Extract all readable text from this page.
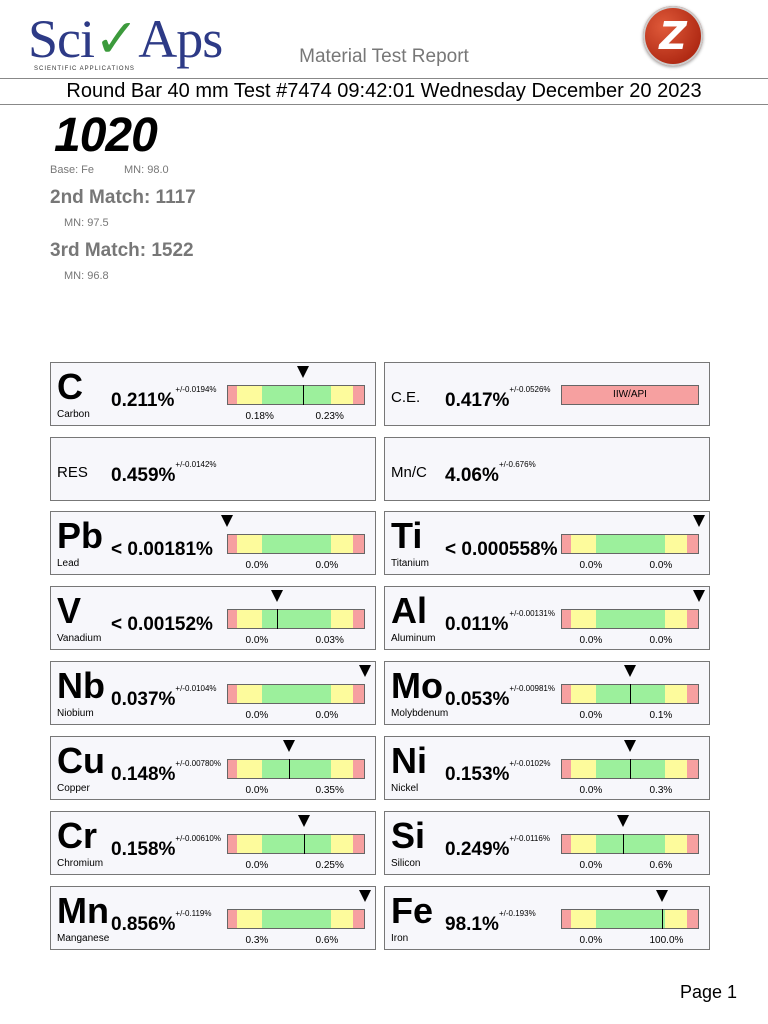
Sci✓Aps
SCIENTIFIC APPLICATIONS
Material Test Report	Z
Round Bar 40 mm Test #7474 09:42:01 Wednesday December 20 2023
1020
Base: Fe	MN: 98.0
2nd Match: 1117
MN: 97.5
3rd Match: 1522
MN: 96.8
C
Carbon
0.211%
+/-0.0194%
0.18%	0.23%
C.E. 0.417%
+/-0.0526%	IIW/API
RES 0.459%
+/-0.0142%	Mn/C 4.06%
+/-0.676%
Pb
Lead
< 0.00181%
0.0%	0.0%
Ti
Titanium
< 0.000558%
0.0%	0.0%
V
Vanadium
< 0.00152%
0.0%	0.03%
Al
Aluminum
0.011%
+/-0.00131%
0.0%	0.0%
Nb
Niobium
0.037%
+/-0.0104%
0.0%	0.0%
Mo
Molybdenum
0.053%
+/-0.00981%
0.0%	0.1%
Cu
Copper
0.148%
+/-0.00780%
0.0%	0.35%
Ni
Nickel
0.153%
+/-0.0102%
0.0%	0.3%
Cr
Chromium
0.158%
+/-0.00610%
0.0%	0.25%
Si
Silicon
0.249%
+/-0.0116%
0.0%	0.6%
Mn
Manganese
0.856%
+/-0.119%
0.3%	0.6%
Fe
Iron
98.1%
+/-0.193%
0.0%	100.0%
Page 1
